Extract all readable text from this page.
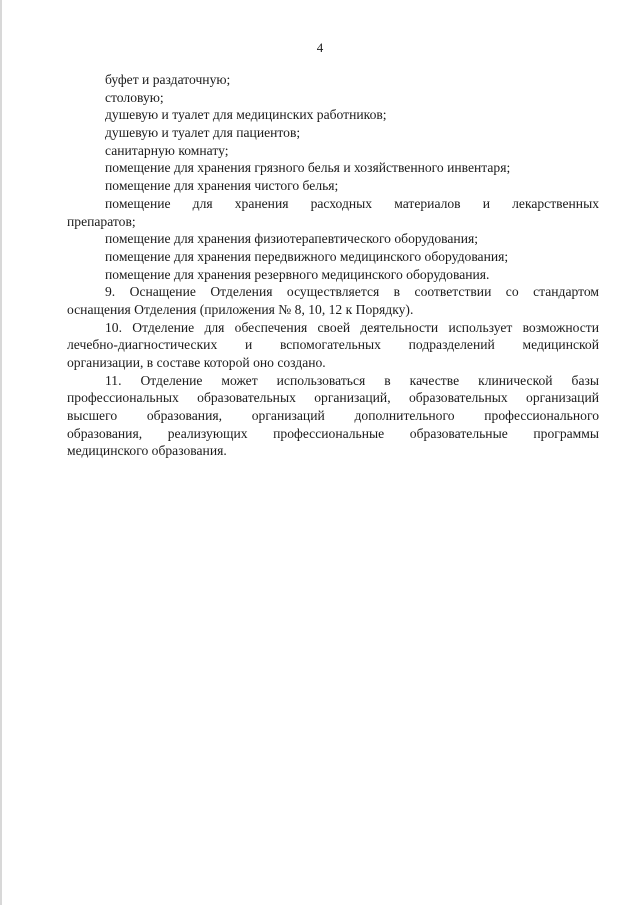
4
буфет и раздаточную;
столовую;
душевую и туалет для медицинских работников;
душевую и туалет для пациентов;
санитарную комнату;
помещение для хранения грязного белья и хозяйственного инвентаря;
помещение для хранения чистого белья;
помещение для хранения расходных материалов и лекарственных
препаратов;
помещение для хранения физиотерапевтического оборудования;
помещение для хранения передвижного медицинского оборудования;
помещение для хранения резервного медицинского оборудования.
9. Оснащение Отделения осуществляется в соответствии со стандартом
оснащения Отделения (приложения № 8, 10, 12 к Порядку).
10. Отделение для обеспечения своей деятельности использует возможности
лечебно-диагностических и вспомогательных подразделений медицинской
организации, в составе которой оно создано.
11. Отделение может использоваться в качестве клинической базы
профессиональных образовательных организаций, образовательных организаций
высшего образования, организаций дополнительного профессионального
образования, реализующих профессиональные образовательные программы
медицинского образования.
